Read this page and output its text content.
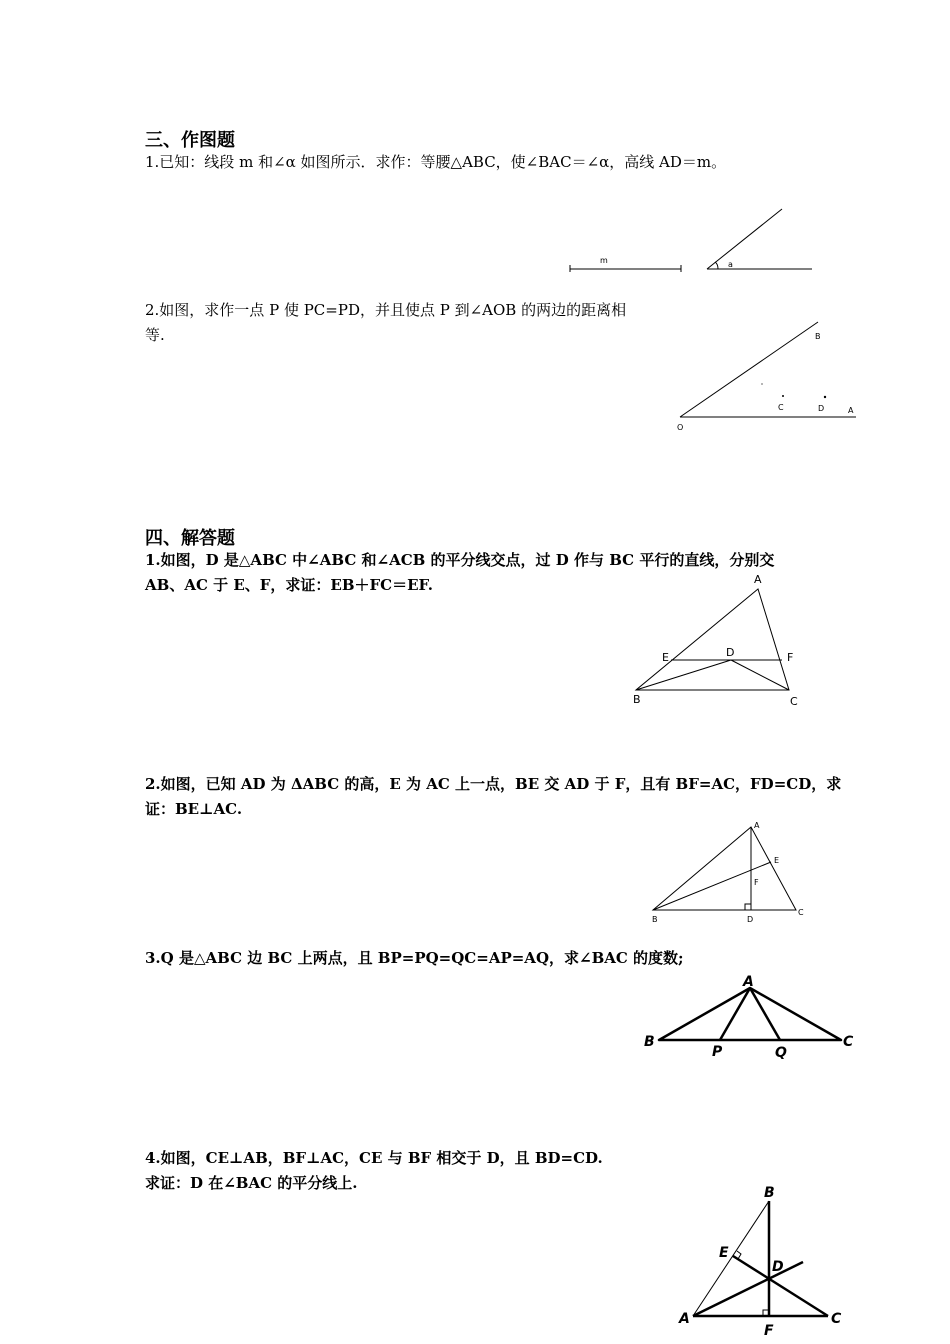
三、作图题
1.已知：线段 m 和∠α 如图所示．求作：等腰△ABC，使∠BAC＝∠α，高线 AD＝m。
m	a
2.如图，求作一点 P 使 PC=PD，并且使点 P 到∠AOB 的两边的距离相
等.	B
C	D	A
O
四、解答题
1.如图，D 是△ABC 中∠ABC 和∠ACB 的平分线交点，过 D 作与 BC 平行的直线，分别交
AB、AC 于 E、F，求证：EB＋FC＝EF.	A
E	D	F
B	C
2.如图，已知 AD 为 ΔABC 的高，E 为 AC 上一点，BE 交 AD 于 F，且有 BF=AC，FD=CD，求
证：BE⊥AC.
A
E
F
B	D
C
3.Q 是△ABC 边 BC 上两点，且 BP=PQ=QC=AP=AQ，求∠BAC 的度数;
A
B
P	Q
C
4.如图，CE⊥AB，BF⊥AC，CE 与 BF 相交于 D，且 BD=CD.
求证：D 在∠BAC 的平分线上.
B
E
D
A
F
C
